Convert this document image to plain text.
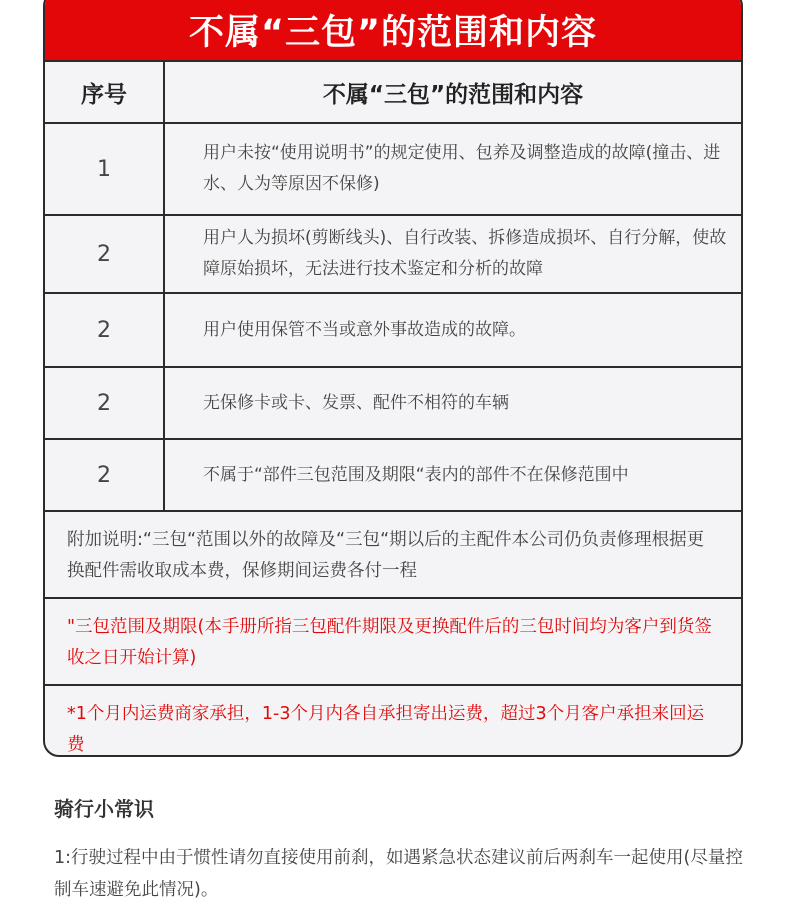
不属“三包”的范围和内容
序号	不属“三包”的范围和内容
1	用户未按“使用说明书”的规定使用、包养及调整造成的故障(撞击、进水、人为等原因不保修)
2	用户人为损坏(剪断线头)、自行改装、拆修造成损坏、自行分解，使故障原始损坏，无法进行技术鉴定和分析的故障
2	用户使用保管不当或意外事故造成的故障。
2	无保修卡或卡、发票、配件不相符的车辆
2	不属于“部件三包范围及期限“表内的部件不在保修范围中
附加说明:“三包“范围以外的故障及“三包“期以后的主配件本公司仍负责修理根据更换配件需收取成本费，保修期间运费各付一程
"三包范围及期限(本手册所指三包配件期限及更换配件后的三包时间均为客户到货签收之日开始计算)
*1个月内运费商家承担，1-3个月内各自承担寄出运费，超过3个月客户承担来回运费
骑行小常识
1:行驶过程中由于惯性请勿直接使用前刹，如遇紧急状态建议前后两刹车一起使用(尽量控制车速避免此情况)。
